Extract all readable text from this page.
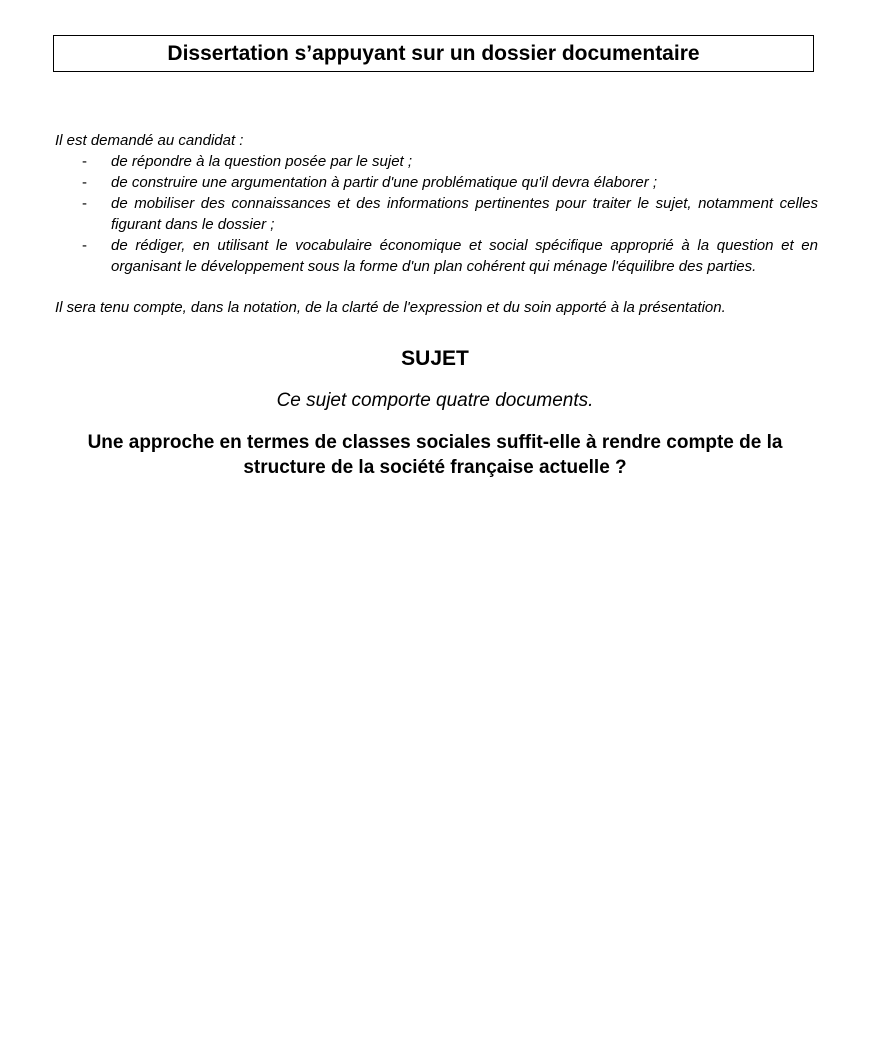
Dissertation s’appuyant sur un dossier documentaire

Il est demandé au candidat :

- de répondre à la question posée par le sujet ;
- de construire une argumentation à partir d'une problématique qu'il devra élaborer ;
- de mobiliser des connaissances et des informations pertinentes pour traiter le sujet, notamment celles figurant dans le dossier ;
- de rédiger, en utilisant le vocabulaire économique et social spécifique approprié à la question et en organisant le développement sous la forme d'un plan cohérent qui ménage l'équilibre des parties.

Il sera tenu compte, dans la notation, de la clarté de l'expression et du soin apporté à la présentation.

SUJET
Ce sujet comporte quatre documents.
Une approche en termes de classes sociales suffit-elle à rendre compte de la structure de la société française actuelle ?
